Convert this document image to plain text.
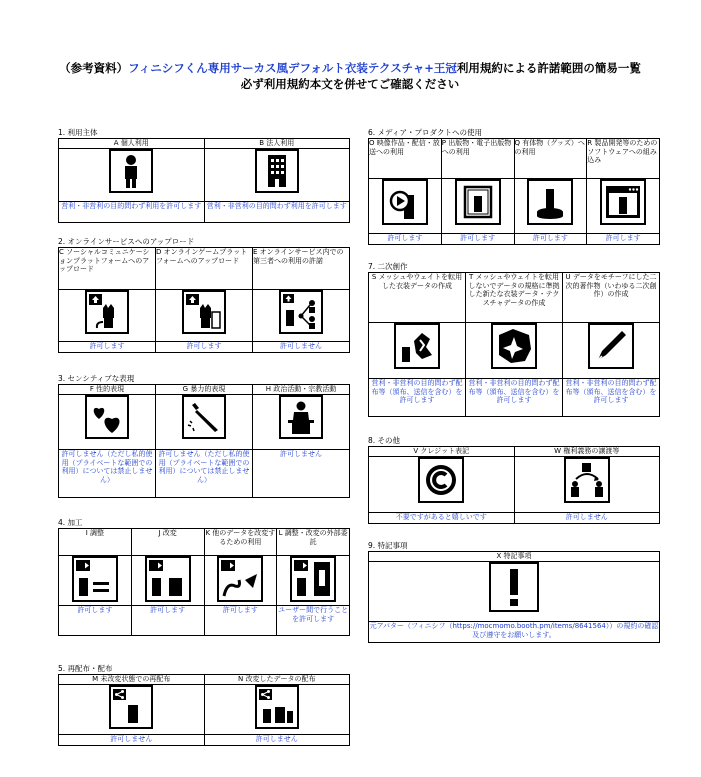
（参考資料）フィニシフくん専用サーカス風デフォルト衣装テクスチャ+王冠利用規約による許諾範囲の簡易一覧
必ず利用規約本文を併せてご確認ください
1. 利用主体
A 個人利用	B 法人利用

営利・非営利の目的問わず利用を許可します	営利・非営利の目的問わず利用を許可します
2. オンラインサービスへのアップロード
C ソーシャルコミュニケーションプラットフォームへのアップロード	D オンラインゲームプラットフォームへのアップロード	E オンラインサービス内での第三者への利用の許諾

許可します	許可します	許可しません
3. センシティブな表現
F 性的表現	G 暴力的表現	H 政治活動・宗教活動

許可しません（ただし私的使用（プライベートな範囲での利用）については禁止しません）	許可しません（ただし私的使用（プライベートな範囲での利用）については禁止しません）	許可しません
4. 加工
I 調整	J 改変	K 他のデータを改変するための利用	L 調整・改変の外部委託

許可します	許可します	許可します	ユーザー間で行うことを許可します
5. 再配布・配布
M 未改変状態での再配布	N 改変したデータの配布

許可しません	許可しません
6. メディア・プロダクトへの使用
O 映像作品・配信・放送への利用	P 出版物・電子出版物への利用	Q 有体物（グッズ）への利用	R 製品開発等のためのソフトウェアへの組み込み

許可します	許可します	許可します	許可します
7. 二次創作
S メッシュやウェイトを転用した衣装データの作成	T メッシュやウェイトを転用しないでデータの規格に準拠した新たな衣装データ・テクスチャデータの作成	U データをモチーフにした二次的著作物（いわゆる二次創作）の作成

営利・非営利の目的問わず配布等（頒布、送信を含む）を許可します	営利・非営利の目的問わず配布等（頒布、送信を含む）を許可します	営利・非営利の目的問わず配布等（頒布、送信を含む）を許可します
8. その他
V クレジット表記	W 権利義務の譲渡等

不要ですがあると嬉しいです	許可しません
9. 特記事項
X 特記事項

元アバター（フィニシフ（https://mocmomo.booth.pm/items/8641564））の規約の確認及び遵守をお願いします。
